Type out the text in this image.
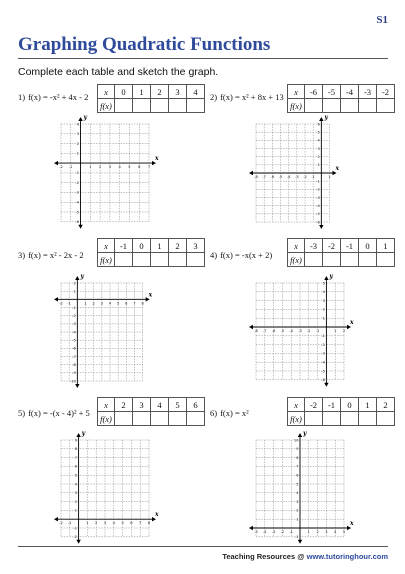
S1
Graphing Quadratic Functions
Complete each table and sketch the graph.
1) f(x) = -x² + 4x - 2
x	0	1	2	3	4
f(x)					
-2 -1	1 2 3 4 5 6 7
-6
-5
-4
-3
-2
-1
1
2
3
4
x
y
2) f(x) = x² + 8x + 13
x	-6	-5	-4	-3	-2
f(x)					
-8 -7 -6 -5 -4 -3 -2 -1	1
-6
-5
-4
-3
-2
-1
1
2
3
4
5
6
x
y
3) f(x) = x² - 2x - 2
x	-1	0	1	2	3
f(x)					
-2 -1	1 2 3 4 5 6 7 8
-10
-9
-8
-7
-6
-5
-4
-3
-2
-1
1
2
x
y
4) f(x) = -x(x + 2)
x	-3	-2	-1	0	1
f(x)					
-8 -7 -6 -5 -4 -3 -2 -1	1 2
-6
-5
-4
-3
-2
-1
1
2
3
4
5
x
y
5) f(x) = -(x - 4)² + 5
x	2	3	4	5	6
f(x)					
-2 -1	1 2 3 4 5 6 7 8
-2
-1
1
2
3
4
5
6
7
8
9
x
y
6) f(x) = x²
x	-2	-1	0	1	2
f(x)					
-5 -4 -3 -2 -1	1 2 3 4 5
-1
1
2
3
4
5
6
7
8
9
10
x
y
Teaching Resources @ www.tutoringhour.com
